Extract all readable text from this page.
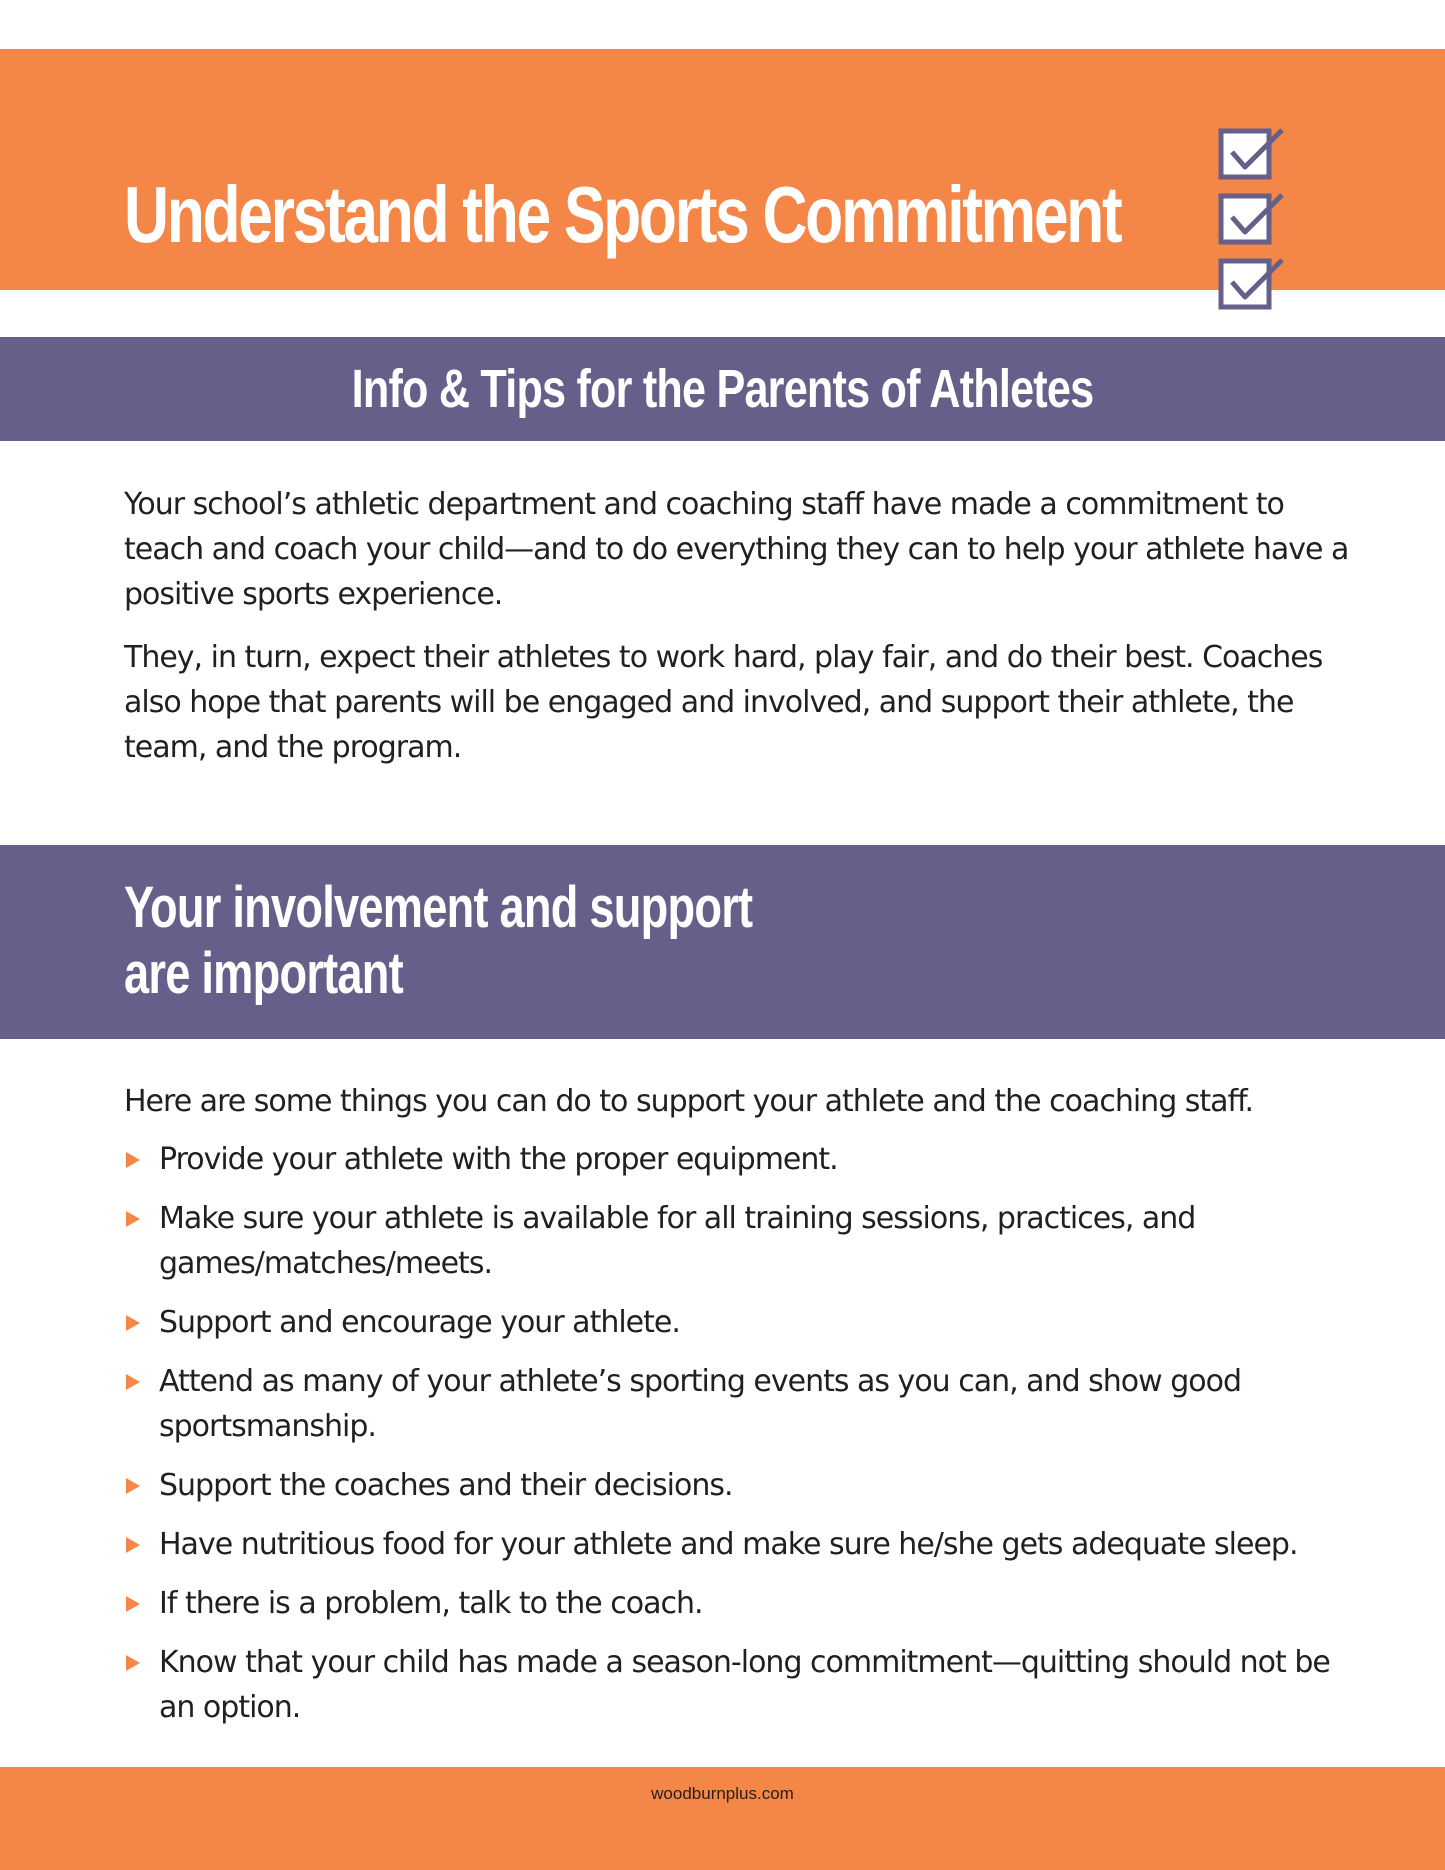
Understand the Sports Commitment
Info & Tips for the Parents of Athletes

Your school’s athletic department and coaching staff have made a commitment to teach and coach your child—and to do everything they can to help your athlete have a positive sports experience.

They, in turn, expect their athletes to work hard, play fair, and do their best. Coaches also hope that parents will be engaged and involved, and support their athlete, the team, and the program.

Your involvement and support
are important

Here are some things you can do to support your athlete and the coaching staff.

Provide your athlete with the proper equipment.
Make sure your athlete is available for all training sessions, practices, and games/matches/meets.
Support and encourage your athlete.
Attend as many of your athlete’s sporting events as you can, and show good sportsmanship.
Support the coaches and their decisions.
Have nutritious food for your athlete and make sure he/she gets adequate sleep.
If there is a problem, talk to the coach.
Know that your child has made a season-long commitment—quitting should not be an option.

woodburnplus.com
